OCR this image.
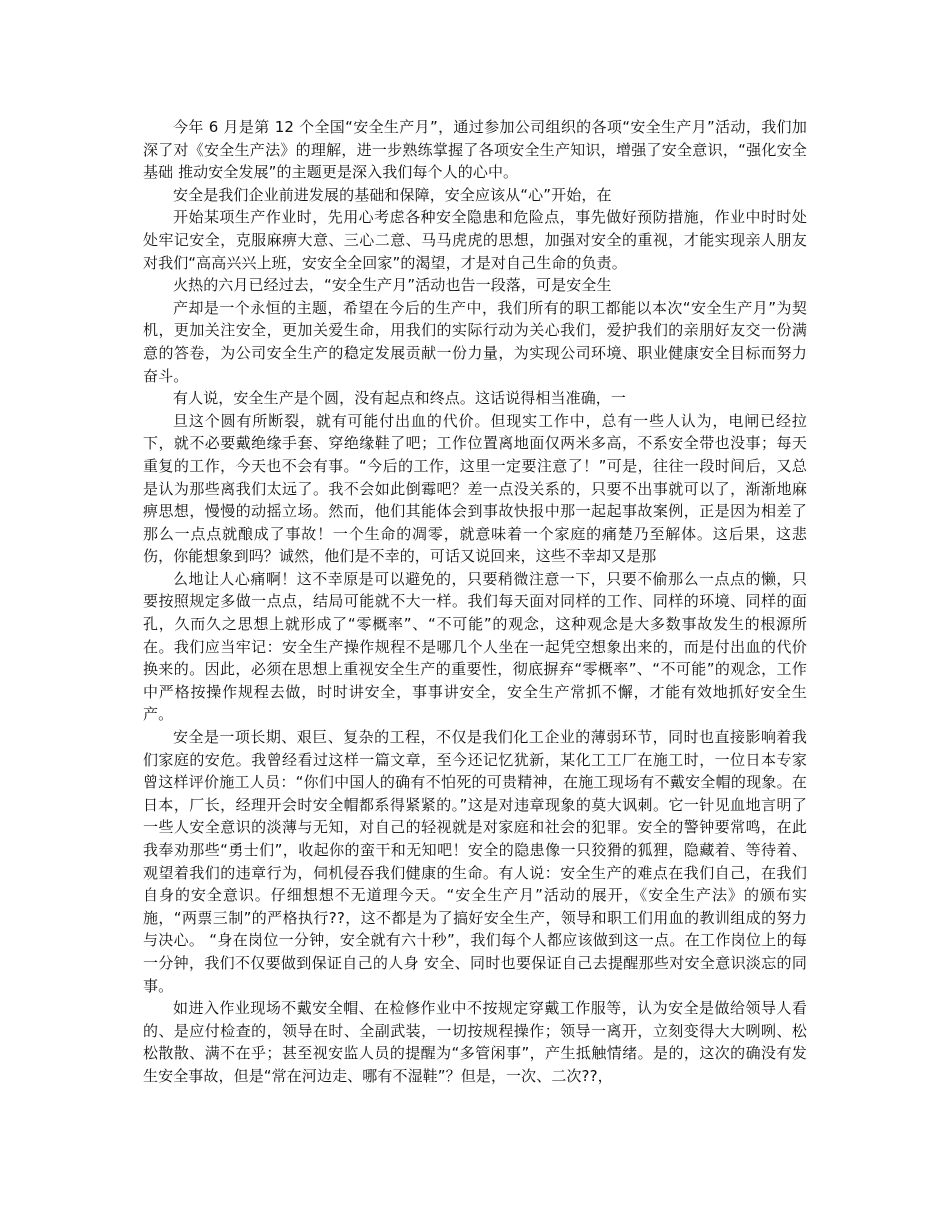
今年 6 月是第 12 个全国“安全生产月”，通过参加公司组织的各项“安全生产月”活动，我们加深了对《安全生产法》的理解，进一步熟练掌握了各项安全生产知识，增强了安全意识，“强化安全基础 推动安全发展”的主题更是深入我们每个人的心中。

安全是我们企业前进发展的基础和保障，安全应该从“心”开始，在

开始某项生产作业时，先用心考虑各种安全隐患和危险点，事先做好预防措施，作业中时时处处牢记安全，克服麻痹大意、三心二意、马马虎虎的思想，加强对安全的重视，才能实现亲人朋友对我们“高高兴兴上班，安安全全回家”的渴望，才是对自己生命的负责。

火热的六月已经过去，“安全生产月”活动也告一段落，可是安全生

产却是一个永恒的主题，希望在今后的生产中，我们所有的职工都能以本次“安全生产月”为契机，更加关注安全，更加关爱生命，用我们的实际行动为关心我们，爱护我们的亲朋好友交一份满意的答卷，为公司安全生产的稳定发展贡献一份力量，为实现公司环境、职业健康安全目标而努力奋斗。

有人说，安全生产是个圆，没有起点和终点。这话说得相当准确，一

旦这个圆有所断裂，就有可能付出血的代价。但现实工作中，总有一些人认为，电闸已经拉下，就不必要戴绝缘手套、穿绝缘鞋了吧；工作位置离地面仅两米多高，不系安全带也没事；每天重复的工作，今天也不会有事。“今后的工作，这里一定要注意了！”可是，往往一段时间后，又总是认为那些离我们太远了。我不会如此倒霉吧？差一点没关系的，只要不出事就可以了，渐渐地麻痹思想，慢慢的动摇立场。然而，他们其能体会到事故快报中那一起起事故案例，正是因为相差了那么一点点就酿成了事故！一个生命的凋零，就意味着一个家庭的痛楚乃至解体。这后果，这悲伤，你能想象到吗？诚然，他们是不幸的，可话又说回来，这些不幸却又是那

么地让人心痛啊！这不幸原是可以避免的，只要稍微注意一下，只要不偷那么一点点的懒，只要按照规定多做一点点，结局可能就不大一样。我们每天面对同样的工作、同样的环境、同样的面孔，久而久之思想上就形成了“零概率”、“不可能”的观念，这种观念是大多数事故发生的根源所在。我们应当牢记：安全生产操作规程不是哪几个人坐在一起凭空想象出来的，而是付出血的代价换来的。因此，必须在思想上重视安全生产的重要性，彻底摒弃“零概率”、“不可能”的观念，工作中严格按操作规程去做，时时讲安全，事事讲安全，安全生产常抓不懈，才能有效地抓好安全生产。

安全是一项长期、艰巨、复杂的工程，不仅是我们化工企业的薄弱环节，同时也直接影响着我们家庭的安危。我曾经看过这样一篇文章，至今还记忆犹新，某化工工厂在施工时，一位日本专家曾这样评价施工人员：“你们中国人的确有不怕死的可贵精神，在施工现场有不戴安全帽的现象。在日本，厂长，经理开会时安全帽都系得紧紧的。”这是对违章现象的莫大讽刺。它一针见血地言明了一些人安全意识的淡薄与无知，对自己的轻视就是对家庭和社会的犯罪。安全的警钟要常鸣，在此我奉劝那些“勇士们”，收起你的蛮干和无知吧！安全的隐患像一只狡猾的狐狸，隐藏着、等待着、观望着我们的违章行为，伺机侵吞我们健康的生命。有人说：安全生产的难点在我们自己，在我们自身的安全意识。仔细想想不无道理今天。“安全生产月”活动的展开，《安全生产法》的颁布实施，“两票三制”的严格执行??，这不都是为了搞好安全生产，领导和职工们用血的教训组成的努力与决心。 “身在岗位一分钟，安全就有六十秒”，我们每个人都应该做到这一点。在工作岗位上的每一分钟，我们不仅要做到保证自己的人身 安全、同时也要保证自己去提醒那些对安全意识淡忘的同事。

如进入作业现场不戴安全帽、在检修作业中不按规定穿戴工作服等，认为安全是做给领导人看的、是应付检查的，领导在时、全副武装，一切按规程操作；领导一离开，立刻变得大大咧咧、松松散散、满不在乎；甚至视安监人员的提醒为“多管闲事”，产生抵触情绪。是的，这次的确没有发生安全事故，但是“常在河边走、哪有不湿鞋”？但是，一次、二次??，
